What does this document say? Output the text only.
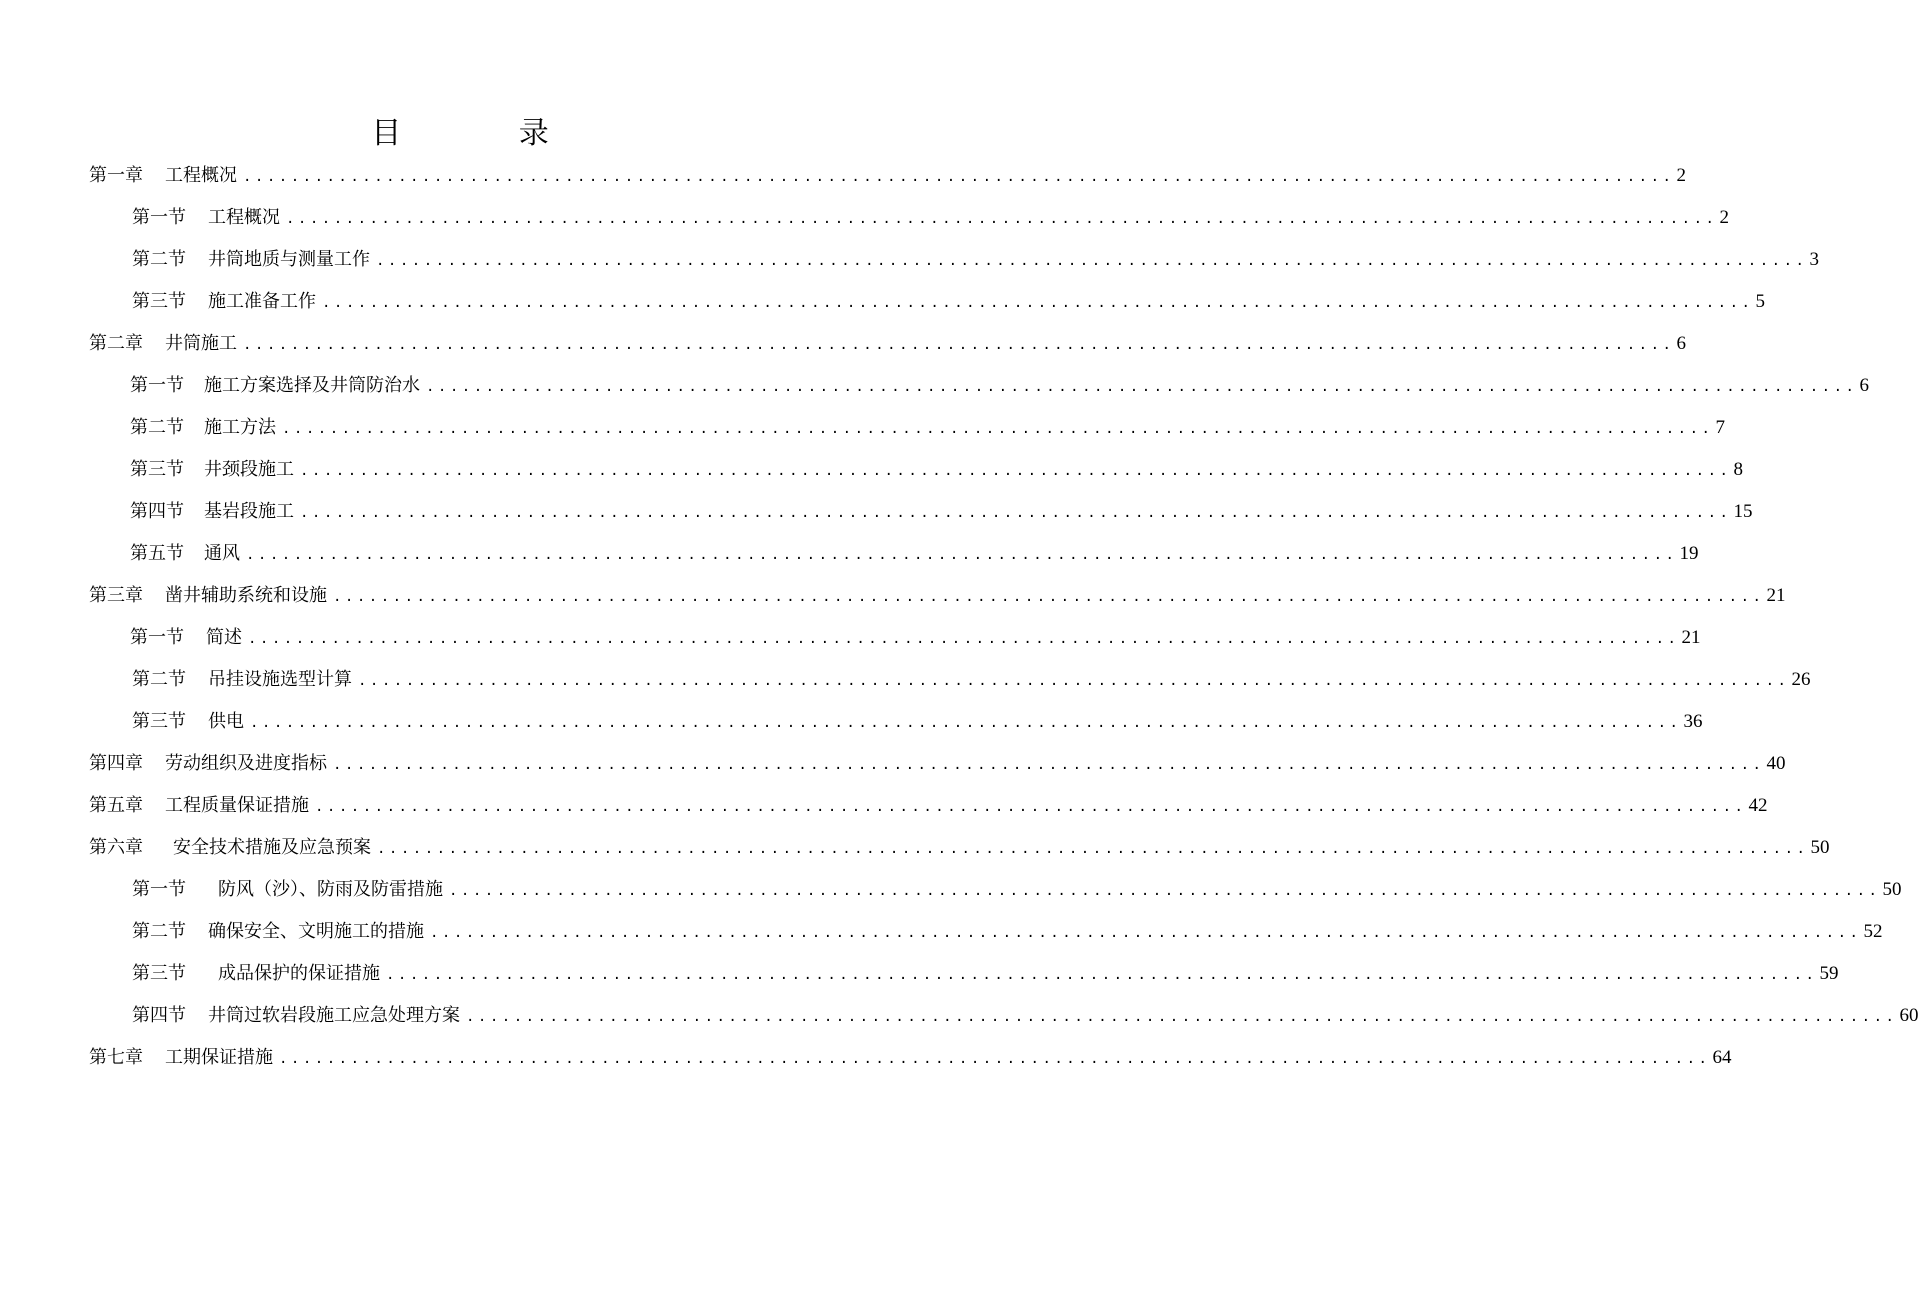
目 录
第一章 工程概况 ........................................................................................................................ 2
第一节 工程概况 ........................................................................................................................ 2
第二节 井筒地质与测量工作 ........................................................................................................................ 3
第三节 施工准备工作 ........................................................................................................................ 5
第二章 井筒施工 ........................................................................................................................ 6
第一节 施工方案选择及井筒防治水 ........................................................................................................................ 6
第二节 施工方法 ........................................................................................................................ 7
第三节 井颈段施工 ........................................................................................................................ 8
第四节 基岩段施工 ........................................................................................................................ 15
第五节 通风 ........................................................................................................................ 19
第三章 凿井辅助系统和设施 ........................................................................................................................ 21
第一节 简述 ........................................................................................................................ 21
第二节 吊挂设施选型计算 ........................................................................................................................ 26
第三节 供电 ........................................................................................................................ 36
第四章 劳动组织及进度指标 ........................................................................................................................ 40
第五章 工程质量保证措施 ........................................................................................................................ 42
第六章 安全技术措施及应急预案 ........................................................................................................................ 50
第一节 防风（沙）、防雨及防雷措施 ........................................................................................................................ 50
第二节 确保安全、文明施工的措施 ........................................................................................................................ 52
第三节 成品保护的保证措施 ........................................................................................................................ 59
第四节 井筒过软岩段施工应急处理方案 ........................................................................................................................ 60
第七章 工期保证措施 ........................................................................................................................ 64
